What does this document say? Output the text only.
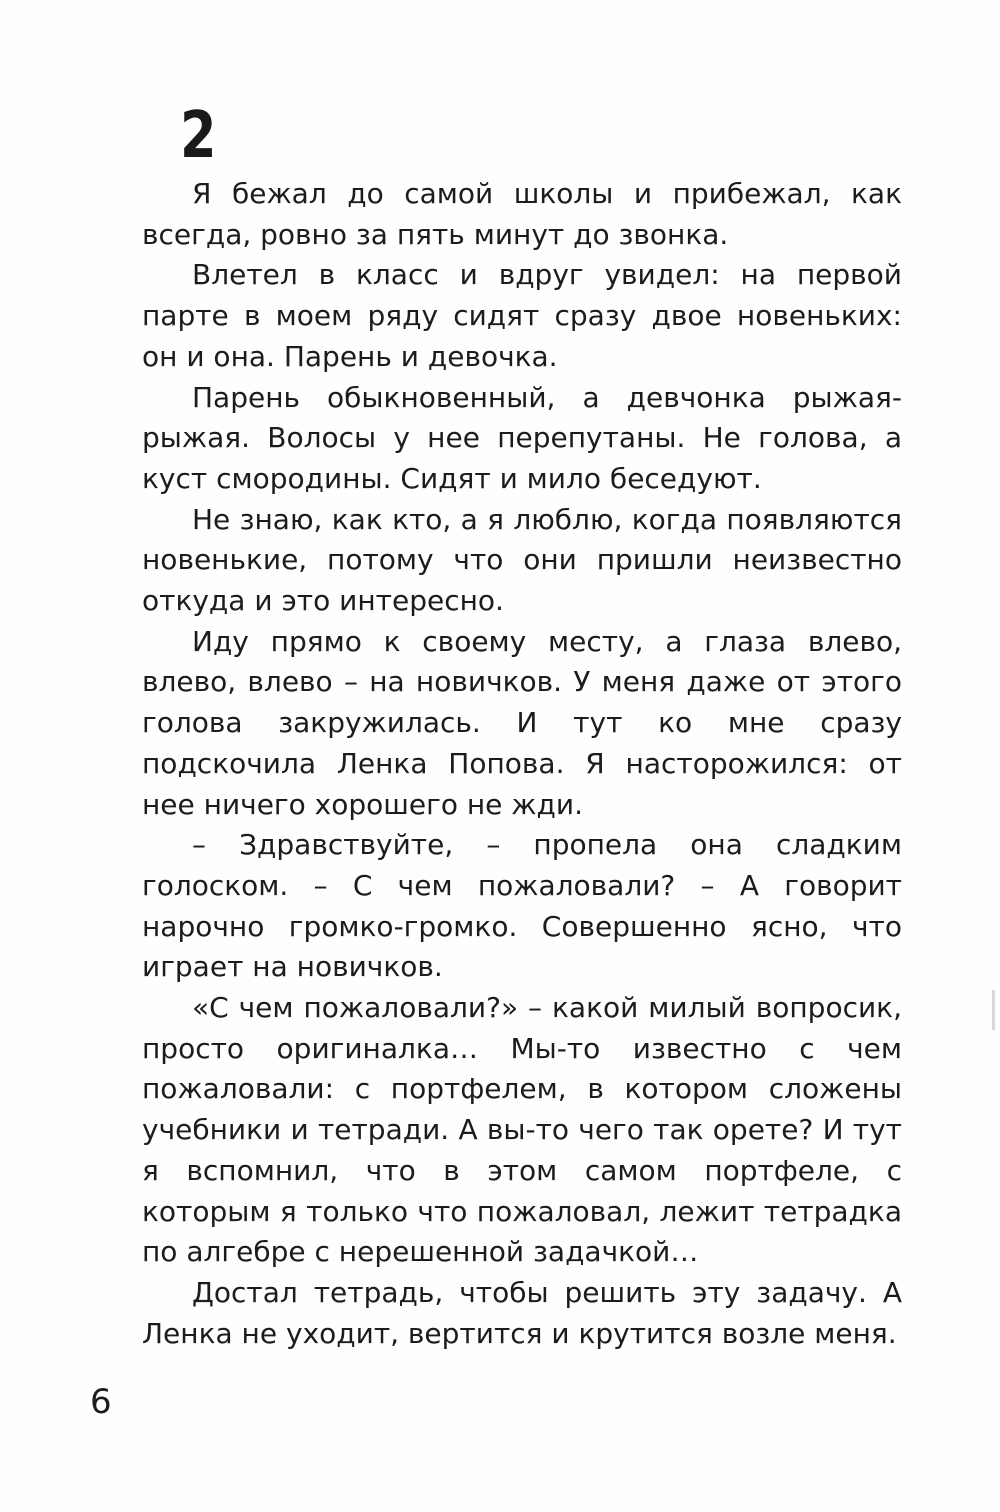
2

Я бежал до самой школы и прибежал, как всегда, ровно за пять минут до звонка.

Влетел в класс и вдруг увидел: на первой парте в моем ряду сидят сразу двое новеньких: он и она. Парень и девочка.

Парень обыкновенный, а девчонка рыжая-рыжая. Волосы у нее перепутаны. Не голова, а куст смородины. Сидят и мило беседуют.

Не знаю, как кто, а я люблю, когда появляются новенькие, потому что они пришли неизвестно откуда и это интересно.

Иду прямо к своему месту, а глаза влево, влево, влево – на новичков. У меня даже от этого голова закружилась. И тут ко мне сразу подскочила Ленка Попова. Я насторожился: от нее ничего хорошего не жди.

– Здравствуйте, – пропела она сладким голоском. – С чем пожаловали? – А говорит нарочно громко-громко. Совершенно ясно, что играет на новичков.

«С чем пожаловали?» – какой милый вопросик, просто оригиналка… Мы-то известно с чем пожаловали: с портфелем, в котором сложены учебники и тетради. А вы-то чего так орете? И тут я вспомнил, что в этом самом портфеле, с которым я только что пожаловал, лежит тетрадка по алгебре с нерешенной задачкой…

Достал тетрадь, чтобы решить эту задачу. А Ленка не уходит, вертится и крутится возле меня.

6
